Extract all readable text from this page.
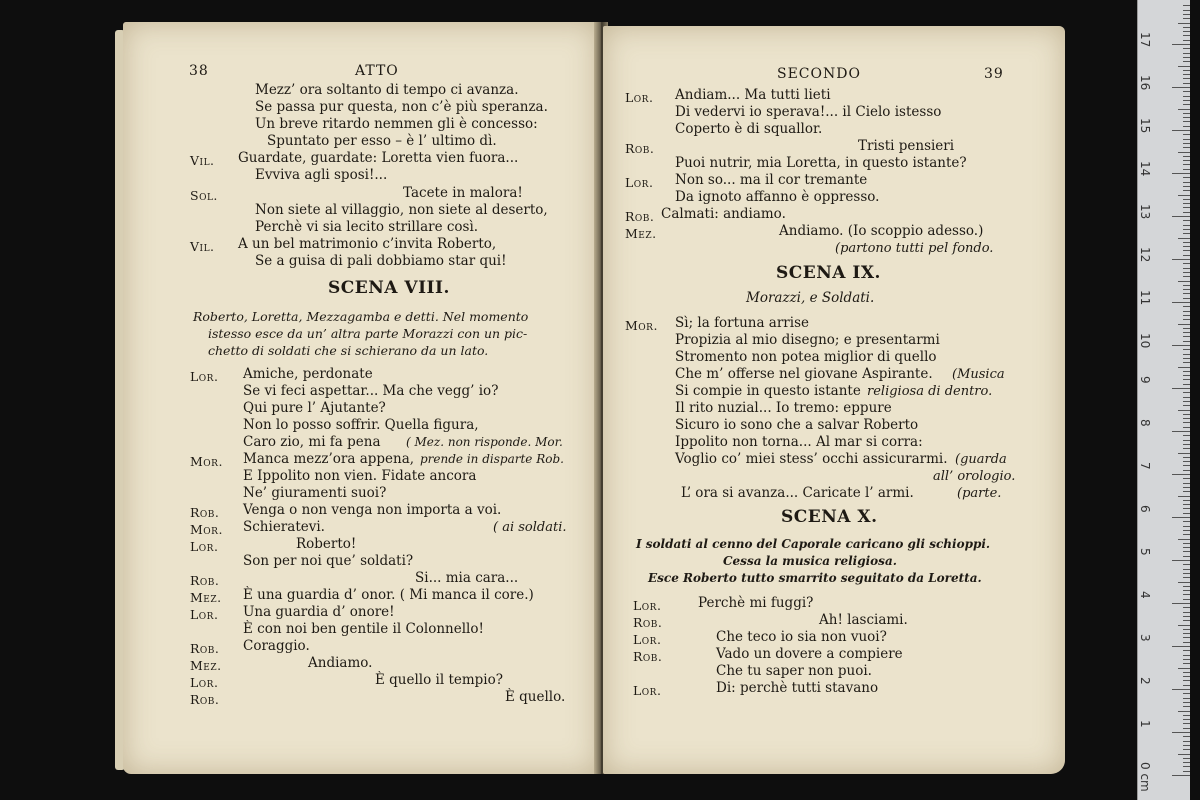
38	ATTO
Mezz’ ora soltanto di tempo ci avanza.
Se passa pur questa, non c’è più speranza.
Un breve ritardo nemmen gli è concesso:
Spuntato per esso – è l’ ultimo dì.
Vil. Guardate, guardate: Loretta vien fuora...
Evviva agli sposi!...
Sol.	Tacete in malora!
Non siete al villaggio, non siete al deserto,
Perchè vi sia lecito strillare così.
Vil. A un bel matrimonio c’invita Roberto,
Se a guisa di pali dobbiamo star qui!
SCENA VIII.
Roberto, Loretta, Mezzagamba e detti. Nel momento
istesso esce da un’ altra parte Morazzi con un pic-
chetto di soldati che si schierano da un lato.
Lor. Amiche, perdonate
Se vi feci aspettar... Ma che vegg’ io?
Qui pure l’ Ajutante?
Non lo posso soffrir. Quella figura,
Caro zio, mi fa pena ( Mez. non risponde. Mor.
Mor. Manca mezz’ora appena, prende in disparte Rob.
E Ippolito non vien. Fidate ancora
Ne’ giuramenti suoi?
Rob. Venga o non venga non importa a voi.
Mor. Schieratevi.	( ai soldati.
Lor.	Roberto!
Son per noi que’ soldati?
Rob.	Si... mia cara...
Mez. È una guardia d’ onor. ( Mi manca il core.)
Lor. Una guardia d’ onore!
È con noi ben gentile il Colonnello!
Rob. Coraggio.
Mez.	Andiamo.
Lor.	È quello il tempio?
Rob.	È quello.
SECONDO	39
Lor. Andiam... Ma tutti lieti
Di vedervi io sperava!... il Cielo istesso
Coperto è di squallor.
Rob.	Tristi pensieri
Puoi nutrir, mia Loretta, in questo istante?
Lor. Non so... ma il cor tremante
Da ignoto affanno è oppresso.
Rob. Calmati: andiamo.
Mez.	Andiamo. (Io scoppio adesso.)
(partono tutti pel fondo.
SCENA IX.
Morazzi, e Soldati.
Mor. Sì; la fortuna arrise
Propizia al mio disegno; e presentarmi
Stromento non potea miglior di quello
Che m’ offerse nel giovane Aspirante. (Musica
Si compie in questo istante religiosa di dentro.
Il rito nuzial... Io tremo: eppure
Sicuro io sono che a salvar Roberto
Ippolito non torna... Al mar si corra:
Voglio co’ miei stess’ occhi assicurarmi. (guarda
all’ orologio.
L’ ora si avanza... Caricate l’ armi.	(parte.
SCENA X.
I soldati al cenno del Caporale caricano gli schioppi.
Cessa la musica religiosa.
Esce Roberto tutto smarrito seguitato da Loretta.
Lor.	Perchè mi fuggi?
Rob.	Ah! lasciami.
Lor.	Che teco io sia non vuoi?
Rob.	Vado un dovere a compiere
Che tu saper non puoi.
Lor.	Di: perchè tutti stavano
0 cm
1
2
3
4
5
6
7
8
9
10
11
12
13
14
15
16
17
